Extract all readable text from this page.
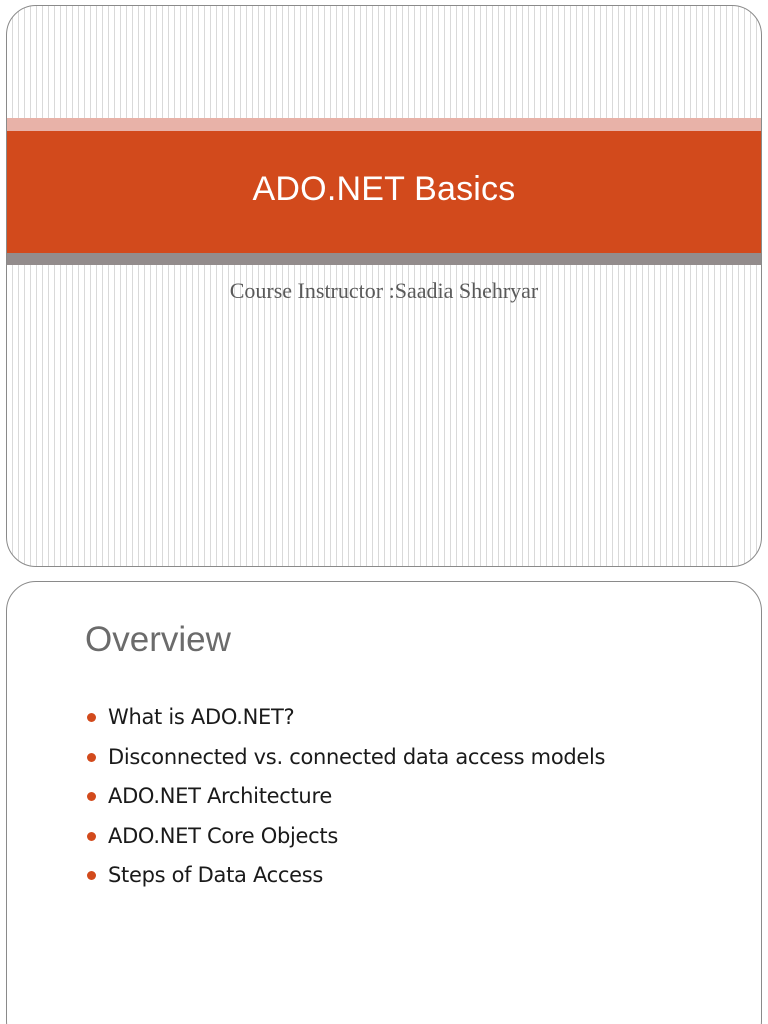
ADO.NET Basics
Course Instructor :Saadia Shehryar
Overview
What is ADO.NET?
Disconnected vs. connected data access models
ADO.NET Architecture
ADO.NET Core Objects
Steps of Data Access
